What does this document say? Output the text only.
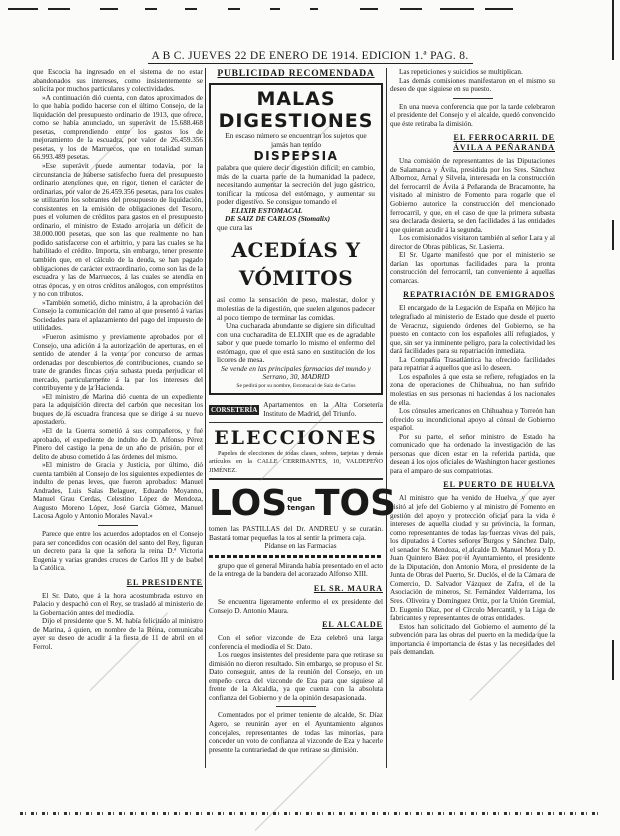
A B C. JUEVES 22 DE ENERO DE 1914. EDICION 1.ª PAG. 8.

que Escocia ha ingresado en el sistema de no estar abandonados sus intereses, como insistentemente se solicita por muchos particulares y colectividades.

»A continuación dió cuenta, con datos aproximados de lo que había podido hacerse con el último Consejo, de la liquidación del presupuesto ordinario de 1913, que ofrece, como se había anunciado, un superávit de 15.688.468 pesetas, comprendiendo entre los gastos los de mejoramiento de la escuadra, por valor de 26.459.356 pesetas, y los de Marruecos, que en totalidad suman 66.993.489 pesetas.

»Ese superávit puede aumentar todavía, por la circunstancia de haberse satisfecho fuera del presupuesto ordinario atenciones que, en rigor, tienen el carácter de ordinarias, por valor de 26.459.356 pesetas, para los cuales se utilizaron los sobrantes del presupuesto de liquidación, consistentes en la emisión de obligaciones del Tesoro, pues el volumen de créditos para gastos en el presupuesto ordinario, el ministro de Estado arrojaría un déficit de 38.000.000 pesetas, que son las que realmente no han podido satisfacerse con el arbitrio, y para las cuales se ha habilitado el crédito. Importa, sin embargo, tener presente también que, en el cálculo de la deuda, se han pagado obligaciones de carácter extraordinario, como son las de la escuadra y las de Marruecos, á las cuales se atendía en otras épocas, y en otros créditos análogos, con empréstitos y no con tributos.

»También sometió, dicho ministro, á la aprobación del Consejo la comunicación del ramo al que presentó á varias Sociedades para el aplazamiento del pago del impuesto de utilidades.

»Fueron asimismo y previamente aprobados por el Consejo, una adición á la autorización de aperturas, en el sentido de atender á la venta por concurso de armas ordenadas por descubiertos de contribuciones, cuando se trate de grandes fincas cuya subasta pueda perjudicar el mercado, particularmente á la par los intereses del contribuyente y de la Hacienda.

»El ministro de Marina dió cuenta de un expediente para la adquisición directa del carbón que necesitan los buques de la escuadra francesa que se dirige á su nuevo apostadero.

»El de la Guerra sometió á sus compañeros, y fué aprobado, el expediente de indulto de D. Alfonso Pérez Pinero del castigo la pena de un año de prisión, por el delito de abuso cometido á las órdenes del mismo.

»El ministro de Gracia y Justicia, por último, dió cuenta también al Consejo de los siguientes expedientes de indulto de penas leves, que fueron aprobados: Manuel Andrades, Luis Salas Belaguer, Eduardo Moyanno, Manuel Grau Cerdas, Celestino López de Mendoza, Augusto Moreno López, José García Gómez, Manuel Lacosa Agolo y Antonio Morales Naval.»

Parece que entre los acuerdos adoptados en el Consejo para ser concedidos con ocasión del santo del Rey, figuran un decreto para la que la señora la reina D.ª Victoria Eugenia y varias grandes cruces de Carlos III y de Isabel la Católica.

EL PRESIDENTE

El Sr. Dato, que á la hora acostumbrada estuvo en Palacio y despachó con el Rey, se trasladó al ministerio de la Gobernación antes del mediodía.

Dijo el presidente que S. M. había felicitado al ministro de Marina, á quien, en nombre de la Reina, comunicaba ayer su deseo de acudir á la fiesta de 11 de abril en el Ferrol.

PUBLICIDAD RECOMENDADA
MALAS
DIGESTIONES

En escaso número se encuentran los sujetos que jamás han tenido

DISPEPSIA

palabra que quiere decir digestión difícil; en cambio, más de la cuarta parte de la humanidad la padece, necesitando aumentar la secreción del jugo gástrico, tonificar la mucosa del estómago, y aumentar su poder digestivo. Se consigue tomando el

ELIXIR ESTOMACAL

DE SAIZ DE CARLOS (Stomalix)

que cura las

ACEDÍAS Y VÓMITOS

así como la sensación de peso, malestar, dolor y molestias de la digestión, que suelen algunos padecer al poco tiempo de terminar las comidas.

Una cucharada abundante se digiere sin dificultad con una cucharadita de ELIXIR que es de agradable sabor y que puede tomarlo lo mismo el enfermo del estómago, que el que está sano en sustitución de los licores de mesa.

Se vende en las principales farmacias del mundo y Serrano, 30, MADRID

Se pedirá por su nombre, Estomacal de Saiz de Carlos

CORSETERÍA
Apartamentos en la Alta Corsetería Instituto de Madrid, del Triunfo.
ELECCIONES

Papeles de elecciones de todas clases, sobres, tarjetas y demás artículos en la CALLE CERRIBANTES, 10, VALDEPEÑO JIMÉNEZ.

LOS que tengan TOS

tomen las PASTILLAS del Dr. ANDREU y se curarán. Bastará tomar pequeñas la tos al sentir la primera caja.

Pídanse en las Farmacias

grupo que el general Miranda había presentado en el acto de la entrega de la bandera del acorazado Alfonso XIII.

EL SR. MAURA

Se encuentra ligeramente enfermo el ex presidente del Consejo D. Antonio Maura.

EL ALCALDE

Con el señor vizconde de Eza celebró una larga conferencia el mediodía el Sr. Dato.

Los ruegos insistentes del presidente para que retirase su dimisión no dieron resultado. Sin embargo, se propuso el Sr. Dato conseguir, antes de la reunión del Consejo, en un empeño cerca del vizconde de Eza para que siguiese al frente de la Alcaldía, ya que cuenta con la absoluta confianza del Gobierno y de la opinión desapasionada.

Comentados por el primer teniente de alcalde, Sr. Díaz Agero, se reunirán ayer en el Ayuntamiento algunos concejales, representantes de todas las minorías, para conceder un voto de confianza al vizconde de Eza y hacerle presente la contrariedad de que retirase su dimisión.

Las repeticiones y suicidios se multiplican.

Las demás comisiones manifestaron en el mismo su deseo de que siguiese en su puesto.

En una nueva conferencia que por la tarde celebraron el presidente del Consejo y el alcalde, quedó convencido que éste retiraba la dimisión.

EL FERROCARRIL DE ÁVILA A PEÑARANDA

Una comisión de representantes de las Diputaciones de Salamanca y Ávila, presidida por los Sres. Sánchez Albornoz, Arnal y Silvela, interesada en la construcción del ferrocarril de Ávila á Peñaranda de Bracamonte, ha visitado al ministro de Fomento para rogarle que el Gobierno autorice la construcción del mencionado ferrocarril, y que, en el caso de que la primera subasta sea declarada desierta, se den facilidades á las entidades que quieran acudir á la segunda.

Los comisionados visitaron también al señor Lara y al director de Obras públicas, Sr. Lasierra.

El Sr. Ugarte manifestó que por el ministerio se darían las oportunas facilidades para la pronta construcción del ferrocarril, tan conveniente á aquellas comarcas.

REPATRIACIÓN DE EMIGRADOS

El encargado de la Legación de España en Méjico ha telegrafiado al ministerio de Estado que desde el puerto de Veracruz, siguiendo órdenes del Gobierno, se ha puesto en contacto con los españoles allí refugiados, y que, sin ser ya inminente peligro, para la colectividad les dará facilidades para su repatriación inmediata.

La Compañía Trasatlántica ha ofrecido facilidades para repatriar á aquellos que así lo deseen.

Los españoles á que esta se refiere, refugiados en la zona de operaciones de Chihuahua, no han sufrido molestias en sus personas ni haciendas á los nacionales de ella.

Los cónsules americanos en Chihuahua y Torreón han ofrecido su incondicional apoyo al cónsul de Gobierno español.

Por su parte, el señor ministro de Estado ha comunicado que ha ordenado la investigación de las personas que dicen estar en la referida partida, que desean á los ojos oficiales de Washington hacer gestiones para el amparo de sus compatriotas.

EL PUERTO DE HUELVA

Al ministro que ha venido de Huelva, y que ayer visitó al jefe del Gobierno y al ministro de Fomento en gestión del apoyo y protección oficial para la vida é intereses de aquella ciudad y su provincia, la forman, como representantes de todas las fuerzas vivas del país, los diputados á Cortes señores Burgos y Sánchez Dalp, el senador Sr. Mendoza, el alcalde D. Manuel Mora y D. Juan Quintero Báez por el Ayuntamiento, el presidente de la Diputación, don Antonio Mora, el presidente de la Junta de Obras del Puerto, Sr. Duclós, el de la Cámara de Comercio, D. Salvador Vázquez de Zafra, el de la Asociación de mineros, Sr. Fernández Valderrama, los Sres. Oliveira y Domínguez Ortiz, por la Unión Gremial, D. Eugenio Díaz, por el Círculo Mercantil, y la Liga de fabricantes y representantes de otras entidades.

Estos han solicitado del Gobierno el aumento de la subvención para las obras del puerto en la medida que la importancia é importancia de éstas y las necesidades del país demandan.
